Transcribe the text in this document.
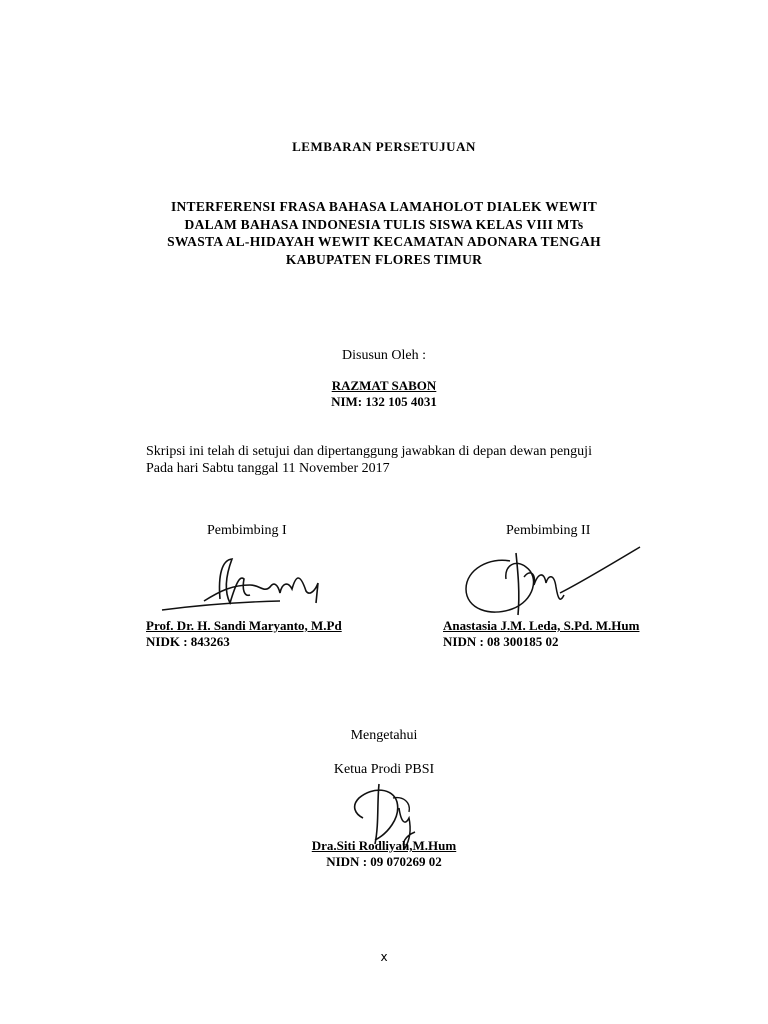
LEMBARAN PERSETUJUAN
INTERFERENSI FRASA BAHASA LAMAHOLOT DIALEK WEWIT
DALAM BAHASA INDONESIA TULIS SISWA KELAS VIII MTs
SWASTA AL-HIDAYAH WEWIT KECAMATAN ADONARA TENGAH
KABUPATEN FLORES TIMUR
Disusun Oleh :
RAZMAT SABON
NIM: 132 105 4031
Skripsi ini telah di setujui dan dipertanggung jawabkan di depan dewan penguji
Pada hari Sabtu tanggal 11 November 2017
Pembimbing I
Prof. Dr. H. Sandi Maryanto, M.Pd
NIDK : 843263
Pembimbing II
Anastasia J.M. Leda, S.Pd. M.Hum
NIDN : 08 300185 02
Mengetahui
Ketua Prodi PBSI
Dra.Siti Rodliyah,M.Hum
NIDN : 09 070269 02
x
